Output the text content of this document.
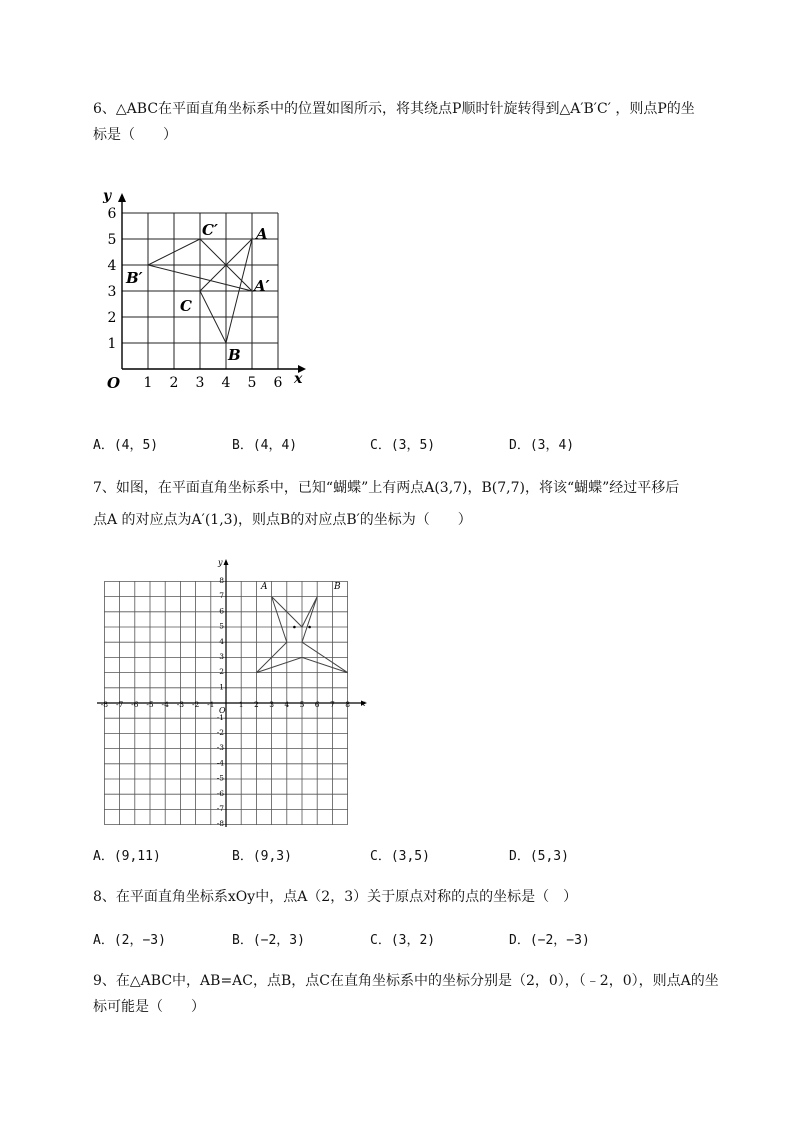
6、△ABC在平面直角坐标系中的位置如图所示，将其绕点P顺时针旋转得到△A′B′C′ ，则点P的坐
标是（　　）
x
y
O 1 2 3 4 5 6
1
2
3
4
5
6
A
B
C
A′
B′
C′
A．(4，5)	B．(4，4)	C．(3，5)	D．(3，4)
7、如图，在平面直角坐标系中，已知“蝴蝶”上有两点A(3,7)，B(7,7)，将该“蝴蝶”经过平移后
点A 的对应点为A′(1,3)，则点B的对应点B′的坐标为（　　）
A	B
x
y
O
-8 -7 -6 -5 -4 -3 -2 -1	1 2 3 4 5 6 7 8
8
7
6
5
4
3
2
1
-1
-2
-3
-4
-5
-6
-7
-8
A．(9,11)	B．(9,3)	C．(3,5)	D．(5,3)
8、在平面直角坐标系xOy中，点A（2，3）关于原点对称的点的坐标是（　）
A．(2，−3)	B．(−2，3)	C．(3，2)	D．(−2，−3)
9、在△ABC中，AB=AC，点B，点C在直角坐标系中的坐标分别是（2，0），（﹣2，0），则点A的坐
标可能是（　　）
